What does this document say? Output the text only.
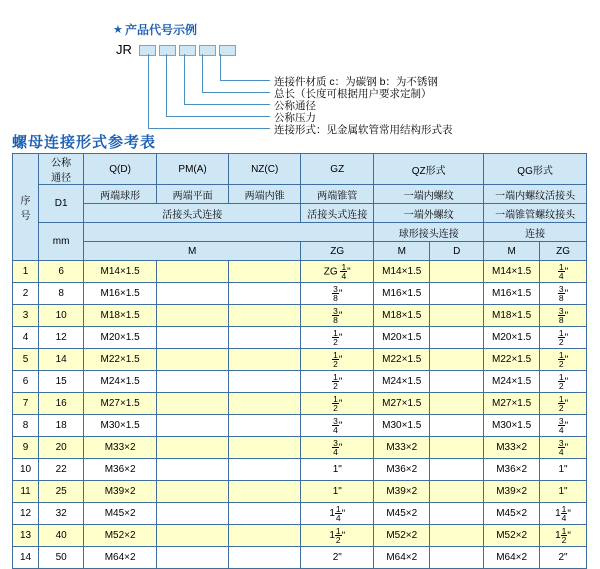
★ 产品代号示例
JR
连接件材质 c：为碳钢 b：为不锈钢
总长（长度可根据用户要求定制）
公称通径
公称压力
连接形式：见金属软管常用结构形式表
螺母连接形式参考表
序
号

公称
通径
	Q(D)	PM(A)	NZ(C)	GZ	QZ形式	QG形式
	D1	两端球形	两端平面	两端内锥	两端锥管	一端内螺纹		一端内螺纹活接头	
		活接头式连接			活接头式连接	一端外螺纹		一端锥管螺纹接头	
	mm					球形接头连接		连接	
		M			ZG	M	D	M	ZG
1	6	M14×1.5			ZG $\frac{1}{4}$ "	M14×1.5		M14×1.5	$\frac{1}{4}$ "
2	8	M16×1.5			$\frac{3}{8}$ "	M16×1.5		M16×1.5	$\frac{3}{8}$ "
3	10	M18×1.5			$\frac{3}{8}$ "	M18×1.5		M18×1.5	$\frac{3}{8}$ "
4	12	M20×1.5			$\frac{1}{2}$ "	M20×1.5		M20×1.5	$\frac{1}{2}$ "
5	14	M22×1.5			$\frac{1}{2}$ "	M22×1.5		M22×1.5	$\frac{1}{2}$ "
6	15	M24×1.5			$\frac{1}{2}$ "	M24×1.5		M24×1.5	$\frac{1}{2}$ "
7	16	M27×1.5			$\frac{1}{2}$ "	M27×1.5		M27×1.5	$\frac{1}{2}$ "
8	18	M30×1.5			$\frac{3}{4}$ "	M30×1.5		M30×1.5	$\frac{3}{4}$ "
9	20	M33×2			$\frac{3}{4}$ "	M33×2		M33×2	$\frac{3}{4}$ "
10	22	M36×2			1"	M36×2		M36×2	1"
11	25	M39×2			1"	M39×2		M39×2	1"
12	32	M45×2			$1 \frac{1}{4}$ "	M45×2		M45×2	$1 \frac{1}{4}$ "
13	40	M52×2			$1 \frac{1}{2}$ "	M52×2		M52×2	$1 \frac{1}{2}$ "
14	50	M64×2			2"	M64×2		M64×2	2"
